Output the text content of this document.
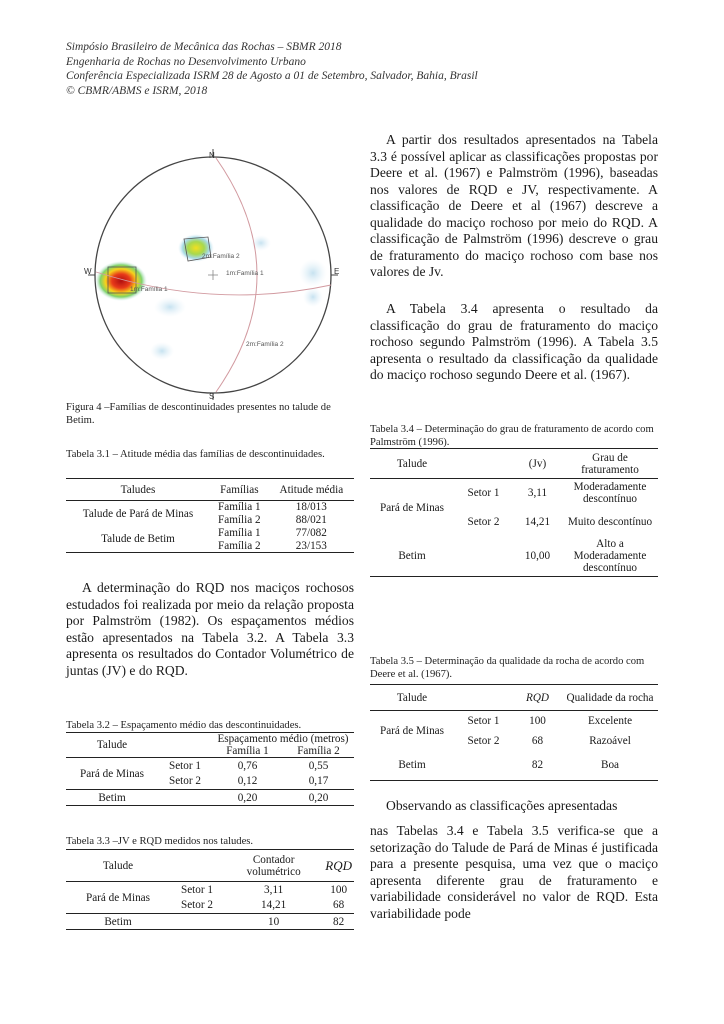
Simpósio Brasileiro de Mecânica das Rochas – SBMR 2018
Engenharia de Rochas no Desenvolvimento Urbano
Conferência Especializada ISRM 28 de Agosto a 01 de Setembro, Salvador, Bahia, Brasil
© CBMR/ABMS e ISRM, 2018
N
S
E
W
1m:Família 1
2m:Família 2
1m:Família 1
2m:Família 2
Figura 4 –Famílias de descontinuidades presentes no talude de Betim.
Tabela 3.1 – Atitude média das famílias de descontinuidades.
Taludes	Famílias	Atitude média
Talude de Pará de Minas	Família 1	18/013
	Família 2	88/021
Talude de Betim	Família 1	77/082
	Família 2	23/153

A determinação do RQD nos maciços rochosos estudados foi realizada por meio da relação proposta por Palmström (1982). Os espaçamentos médios estão apresentados na Tabela 3.2. A Tabela 3.3 apresenta os resultados do Contador Volumétrico de juntas (JV) e do RQD.

Tabela 3.2 – Espaçamento médio das descontinuidades.
Talude		Espaçamento médio (metros)	
		Família 1	Família 2
Pará de Minas	Setor 1	0,76	0,55
	Setor 2	0,12	0,17
Betim		0,20	0,20
Tabela 3.3 –JV e RQD medidos nos taludes.
Talude		Contador volumétrico	RQD
Pará de Minas	Setor 1	3,11	100
	Setor 2	14,21	68
Betim		10	82

A partir dos resultados apresentados na Tabela 3.3 é possível aplicar as classificações propostas por Deere et al. (1967) e Palmström (1996), baseadas nos valores de RQD e JV, respectivamente. A classificação de Deere et al (1967) descreve a qualidade do maciço rochoso por meio do RQD. A classificação de Palmström (1996) descreve o grau de fraturamento do maciço rochoso com base nos valores de Jv.

A Tabela 3.4 apresenta o resultado da classificação do grau de fraturamento do maciço rochoso segundo Palmström (1996). A Tabela 3.5 apresenta o resultado da classificação da qualidade do maciço rochoso segundo Deere et al. (1967).

Tabela 3.4 – Determinação do grau de fraturamento de acordo com Palmström (1996).
Talude		(Jv)	Grau de fraturamento
Pará de Minas	Setor 1	3,11	Moderadamente descontínuo
	Setor 2	14,21	Muito descontínuo
Betim		10,00	Alto a Moderadamente descontínuo
Tabela 3.5 – Determinação da qualidade da rocha de acordo com Deere et al. (1967).
Talude		RQD	Qualidade da rocha
Pará de Minas	Setor 1	100	Excelente
	Setor 2	68	Razoável
Betim		82	Boa

Observando as classificações apresentadas

nas Tabelas 3.4 e Tabela 3.5 verifica-se que a setorização do Talude de Pará de Minas é justificada para a presente pesquisa, uma vez que o maciço apresenta diferente grau de fraturamento e variabilidade considerável no valor de RQD. Esta variabilidade pode
